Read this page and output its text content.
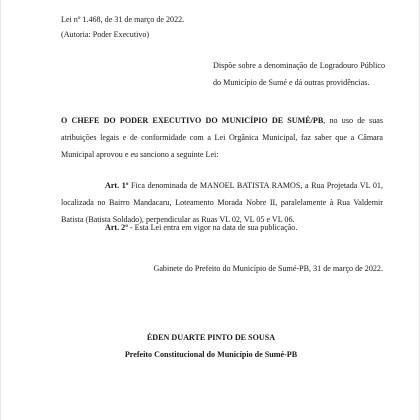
Lei nº 1.468, de 31 de março de 2022.
(Autoria: Poder Executivo)
Dispõe sobre a denominação de Logradouro Público do Município de Sumé e dá outras providências.
O CHEFE DO PODER EXECUTIVO DO MUNICÍPIO DE SUMÉ/PB, no uso de suas atribuições legais e de conformidade com a Lei Orgânica Municipal, faz saber que a Câmara Municipal aprovou e eu sanciono a seguinte Lei:
Art. 1º Fica denominada de MANOEL BATISTA RAMOS, a Rua Projetada VL 01, localizada no Bairro Mandacaru, Loteamento Morada Nobre II, paralelamente à Rua Valdemir Batista (Batista Soldado), perpendicular as Ruas VL 02, VL 05 e VL 06.
Art. 2º - Esta Lei entra em vigor na data de sua publicação.
Gabinete do Prefeito do Município de Sumé-PB, 31 de março de 2022.
ÉDEN DUARTE PINTO DE SOUSA
Prefeito Constitucional do Município de Sumé-PB
